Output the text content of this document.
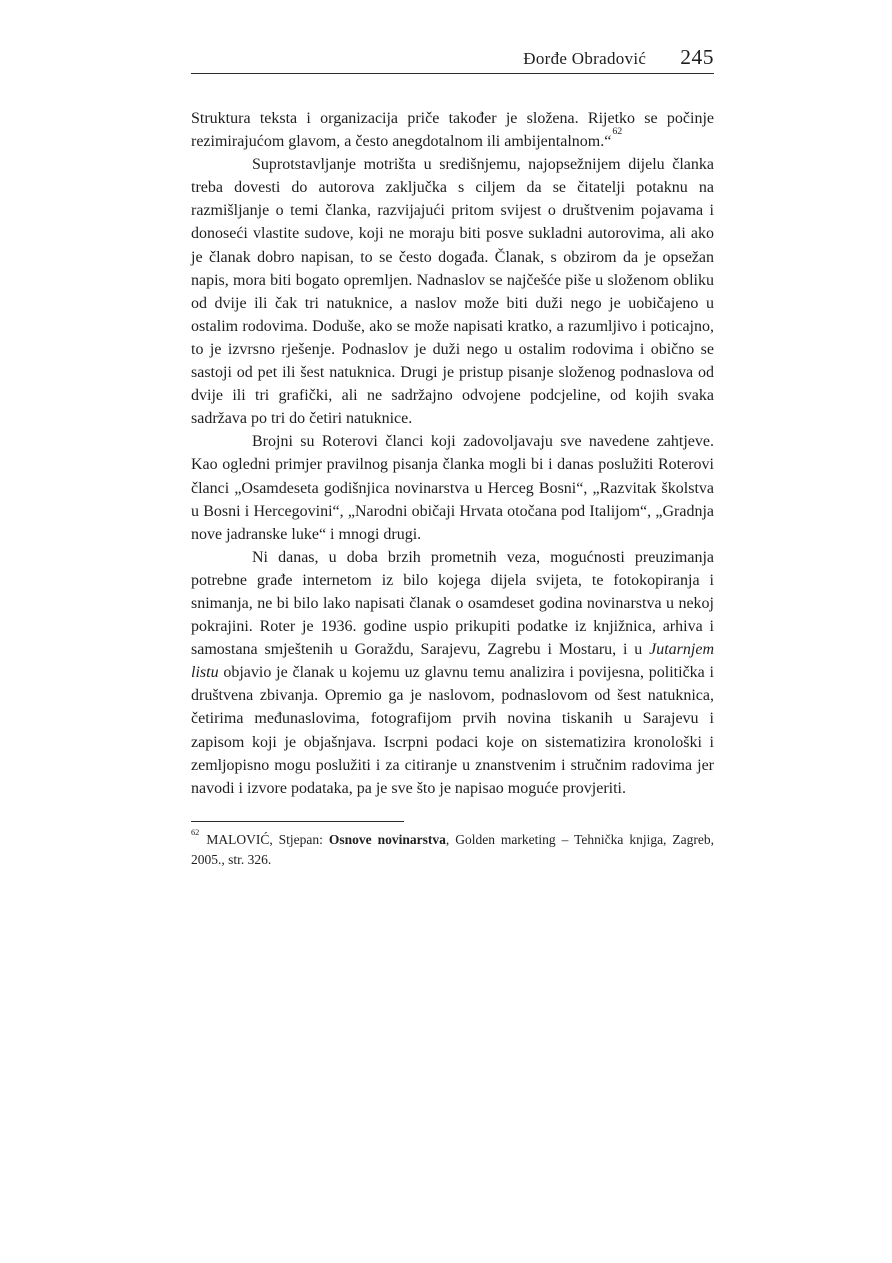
Đorđe Obradović 245

Struktura teksta i organizacija priče također je složena. Rijetko se počinje rezimirajućom glavom, a često anegdotalnom ili ambijentalnom.“$^{62}$

Suprotstavljanje motrišta u središnjemu, najopsežnijem dijelu članka treba dovesti do autorova zaključka s ciljem da se čitatelji potaknu na razmišljanje o temi članka, razvijajući pritom svijest o društvenim pojavama i donoseći vlastite sudove, koji ne moraju biti posve sukladni autorovima, ali ako je članak dobro napisan, to se često događa. Članak, s obzirom da je opsežan napis, mora biti bogato opremljen. Nadnaslov se najčešće piše u složenom obliku od dvije ili čak tri natuknice, a naslov može biti duži nego je uobičajeno u ostalim rodovima. Doduše, ako se može napisati kratko, a razumljivo i poticajno, to je izvrsno rješenje. Podnaslov je duži nego u ostalim rodovima i obično se sastoji od pet ili šest natuknica. Drugi je pristup pisanje složenog podnaslova od dvije ili tri grafički, ali ne sadržajno odvojene podcjeline, od kojih svaka sadržava po tri do četiri natuknice.

Brojni su Roterovi članci koji zadovoljavaju sve navedene zahtjeve. Kao ogledni primjer pravilnog pisanja članka mogli bi i danas poslužiti Roterovi članci „Osamdeseta godišnjica novinarstva u Herceg Bosni“, „Razvitak školstva u Bosni i Hercegovini“, „Narodni običaji Hrvata otočana pod Italijom“, „Gradnja nove jadranske luke“ i mnogi drugi.

Ni danas, u doba brzih prometnih veza, mogućnosti preuzimanja potrebne građe internetom iz bilo kojega dijela svijeta, te fotokopiranja i snimanja, ne bi bilo lako napisati članak o osamdeset godina novinarstva u nekoj pokrajini. Roter je 1936. godine uspio prikupiti podatke iz knjižnica, arhiva i samostana smještenih u Goraždu, Sarajevu, Zagrebu i Mostaru, i u Jutarnjem listu objavio je članak u kojemu uz glavnu temu analizira i povijesna, politička i društvena zbivanja. Opremio ga je naslovom, podnaslovom od šest natuknica, četirima međunaslovima, fotografijom prvih novina tiskanih u Sarajevu i zapisom koji je objašnjava. Iscrpni podaci koje on sistematizira kronološki i zemljopisno mogu poslužiti i za citiranje u znanstvenim i stručnim radovima jer navodi i izvore podataka, pa je sve što je napisao moguće provjeriti.

$^{62}$ MALOVIĆ, Stjepan: Osnove novinarstva, Golden marketing – Tehnička knjiga, Zagreb, 2005., str. 326.
